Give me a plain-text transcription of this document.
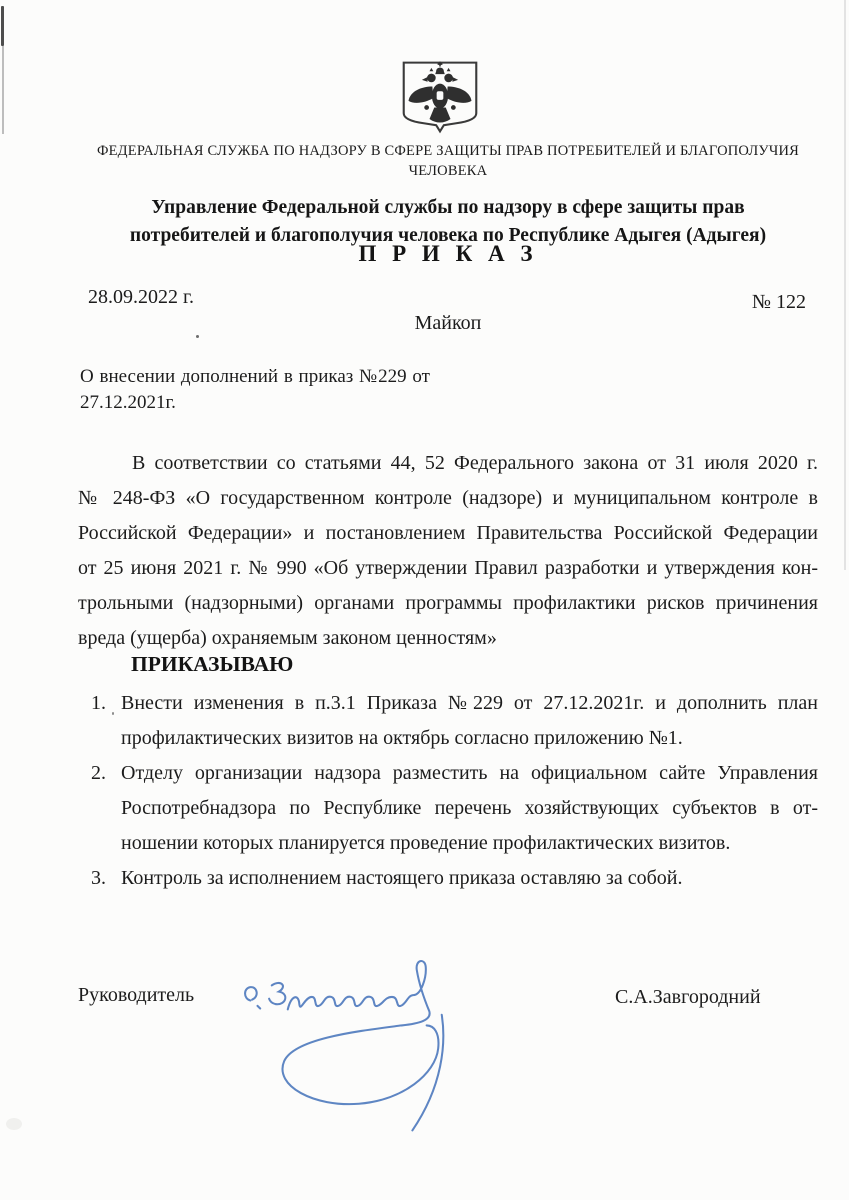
ФЕДЕРАЛЬНАЯ СЛУЖБА ПО НАДЗОРУ В СФЕРЕ ЗАЩИТЫ ПРАВ ПОТРЕБИТЕЛЕЙ И БЛАГОПОЛУЧИЯ
ЧЕЛОВЕКА
Управление Федеральной службы по надзору в сфере защиты прав
потребителей и благополучия человека по Республике Адыгея (Адыгея)
П Р И К А З
28.09.2022 г.	№ 122
Майкоп
О внесении дополнений в приказ №229 от
27.12.2021г.
В соответствии со статьями 44, 52 Федерального закона от 31 июля 2020 г.
№ 248-ФЗ «О государственном контроле (надзоре) и муниципальном контроле в
Российской Федерации» и постановлением Правительства Российской Федерации
от 25 июня 2021 г. № 990 «Об утверждении Правил разработки и утверждения кон-
трольными (надзорными) органами программы профилактики рисков причинения
вреда (ущерба) охраняемым законом ценностям»
ПРИКАЗЫВАЮ
1. Внести изменения в п.3.1 Приказа №229 от 27.12.2021г. и дополнить план
профилактических визитов на октябрь согласно приложению №1.
2. Отделу организации надзора разместить на официальном сайте Управления
Роспотребнадзора по Республике перечень хозяйствующих субъектов в от-
ношении которых планируется проведение профилактических визитов.
3. Контроль за исполнением настоящего приказа оставляю за собой.
Руководитель	С.А.Завгородний
